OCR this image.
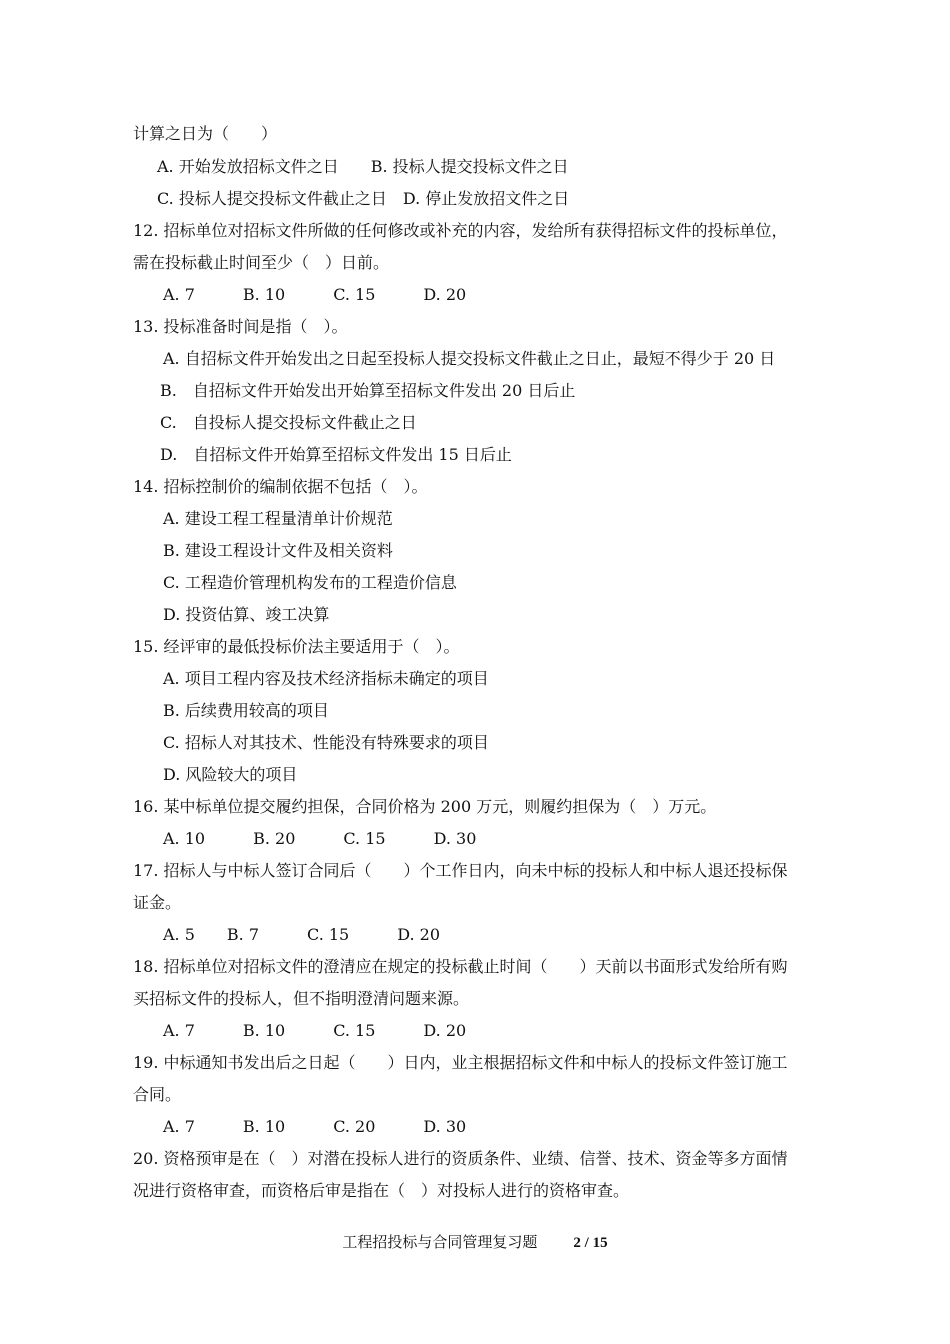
计算之日为（　　）
A. 开始发放招标文件之日　　B. 投标人提交投标文件之日
C. 投标人提交投标文件截止之日　D. 停止发放招文件之日
12. 招标单位对招标文件所做的任何修改或补充的内容，发给所有获得招标文件的投标单位，
需在投标截止时间至少（　）日前。
A. 7　　　B. 10　　　C. 15　　　D. 20
13. 投标准备时间是指（　）。
A. 自招标文件开始发出之日起至投标人提交投标文件截止之日止，最短不得少于 20 日
B.　自招标文件开始发出开始算至招标文件发出 20 日后止
C.　自投标人提交投标文件截止之日
D.　自招标文件开始算至招标文件发出 15 日后止
14. 招标控制价的编制依据不包括（　）。
A. 建设工程工程量清单计价规范
B. 建设工程设计文件及相关资料
C. 工程造价管理机构发布的工程造价信息
D. 投资估算、竣工决算
15. 经评审的最低投标价法主要适用于（　）。
A. 项目工程内容及技术经济指标未确定的项目
B. 后续费用较高的项目
C. 招标人对其技术、性能没有特殊要求的项目
D. 风险较大的项目
16. 某中标单位提交履约担保，合同价格为 200 万元，则履约担保为（　）万元。
A. 10　　　B. 20　　　C. 15　　　D. 30
17. 招标人与中标人签订合同后（　　）个工作日内，向未中标的投标人和中标人退还投标保
证金。
A. 5　　B. 7　　　C. 15　　　D. 20
18. 招标单位对招标文件的澄清应在规定的投标截止时间（　　）天前以书面形式发给所有购
买招标文件的投标人，但不指明澄清问题来源。
A. 7　　　B. 10　　　C. 15　　　D. 20
19. 中标通知书发出后之日起（　　）日内，业主根据招标文件和中标人的投标文件签订施工
合同。
A. 7　　　B. 10　　　C. 20　　　D. 30
20. 资格预审是在（　）对潜在投标人进行的资质条件、业绩、信誉、技术、资金等多方面情
况进行资格审查，而资格后审是指在（　）对投标人进行的资格审查。
工程招投标与合同管理复习题 2 / 15
